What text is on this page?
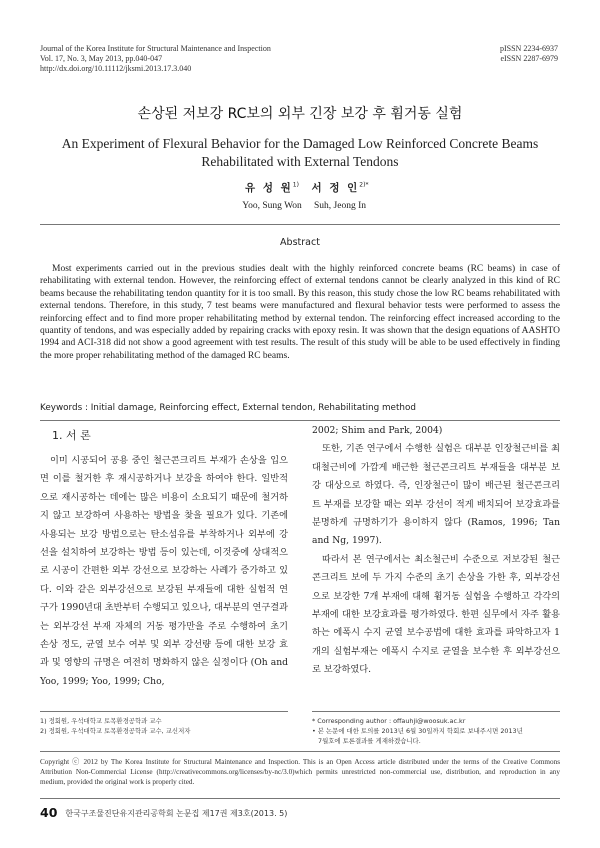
Journal of the Korea Institute for Structural Maintenance and Inspection
Vol. 17, No. 3, May 2013, pp.040-047
http://dx.doi.org/10.11112/jksmi.2013.17.3.040
pISSN 2234-6937
eISSN 2287-6979
손상된 저보강 RC보의 외부 긴장 보강 후 휨거동 실험
An Experiment of Flexural Behavior for the Damaged Low Reinforced Concrete Beams
Rehabilitated with External Tendons
유 성 원$^{1)}$
Yoo, Sung Won
서 정 인$^{2)*}$
Suh, Jeong In
Abstract
Most experiments carried out in the previous studies dealt with the highly reinforced concrete beams (RC beams) in case of rehabilitating with external tendon. However, the reinforcing effect of external tendons cannot be clearly analyzed in this kind of RC beams because the rehabilitating tendon quantity for it is too small. By this reason, this study chose the low RC beams rehabilitated with external tendons. Therefore, in this study, 7 test beams were manufactured and flexural behavior tests were performed to assess the reinforcing effect and to find more proper rehabilitating method by external tendon. The reinforcing effect increased according to the quantity of tendons, and was especially added by repairing cracks with epoxy resin. It was shown that the design equations of AASHTO 1994 and ACI-318 did not show a good agreement with test results. The result of this study will be able to be used effectively in finding the more proper rehabilitating method of the damaged RC beams.
Keywords : Initial damage, Reinforcing effect, External tendon, Rehabilitating method
1. 서 론
이미 시공되어 공용 중인 철근콘크리트 부재가 손상을 입으면 이를 철거한 후 재시공하거나 보강을 하여야 한다. 일반적으로 재시공하는 데에는 많은 비용이 소요되기 때문에 철거하지 않고 보강하여 사용하는 방법을 찾을 필요가 있다. 기존에 사용되는 보강 방법으로는 탄소섬유를 부착하거나 외부에 강선을 설치하여 보강하는 방법 등이 있는데, 이것중에 상대적으로 시공이 간편한 외부 강선으로 보강하는 사례가 증가하고 있다. 이와 같은 외부강선으로 보강된 부재들에 대한 실험적 연구가 1990년대 초반부터 수행되고 있으나, 대부분의 연구결과는 외부강선 부재 자체의 거동 평가만을 주로 수행하여 초기 손상 정도, 균열 보수 여부 및 외부 강선량 등에 대한 보강 효과 및 영향의 규명은 여전히 명화하지 않은 실정이다 (Oh and Yoo, 1999; Yoo, 1999; Cho,

2002; Shim and Park, 2004)

또한, 기존 연구에서 수행한 실험은 대부분 인장철근비를 최대철근비에 가깝게 배근한 철근콘크리트 부재들을 대부분 보강 대상으로 하였다. 즉, 인장철근이 많이 배근된 철근콘크리트 부재를 보강할 때는 외부 강선이 적게 배치되어 보강효과를 분명하게 규명하기가 용이하지 않다 (Ramos, 1996; Tan and Ng, 1997).

따라서 본 연구에서는 최소철근비 수준으로 저보강된 철근콘크리트 보에 두 가지 수준의 초기 손상을 가한 후, 외부강선으로 보강한 7개 부재에 대해 휨거동 실험을 수행하고 각각의 부재에 대한 보강효과를 평가하였다. 한편 실무에서 자주 활용하는 에폭시 수지 균열 보수공법에 대한 효과를 파악하고자 1개의 실험부재는 에폭시 수지로 균열을 보수한 후 외부강선으로 보강하였다.

1) 정회원, 우석대학교 토목환경공학과 교수
2) 정회원, 우석대학교 토목환경공학과 교수, 교신저자
* Corresponding author : offauhji@woosuk.ac.kr
• 본 논문에 대한 토의를 2013년 6월 30일까지 학회로 보내주시면 2013년
7월호에 토론결과를 게재하겠습니다.
Copyright ⓒ 2012 by The Korea Institute for Structural Maintenance and Inspection. This is an Open Access article distributed under the terms of the Creative Commons Attribution Non-Commercial License (http://creativecommons.org/licenses/by-nc/3.0)which permits unrestricted non-commercial use, distribution, and reproduction in any medium, provided the original work is properly cited.
40 한국구조물진단유지관리공학회 논문집 제17권 제3호(2013. 5)
